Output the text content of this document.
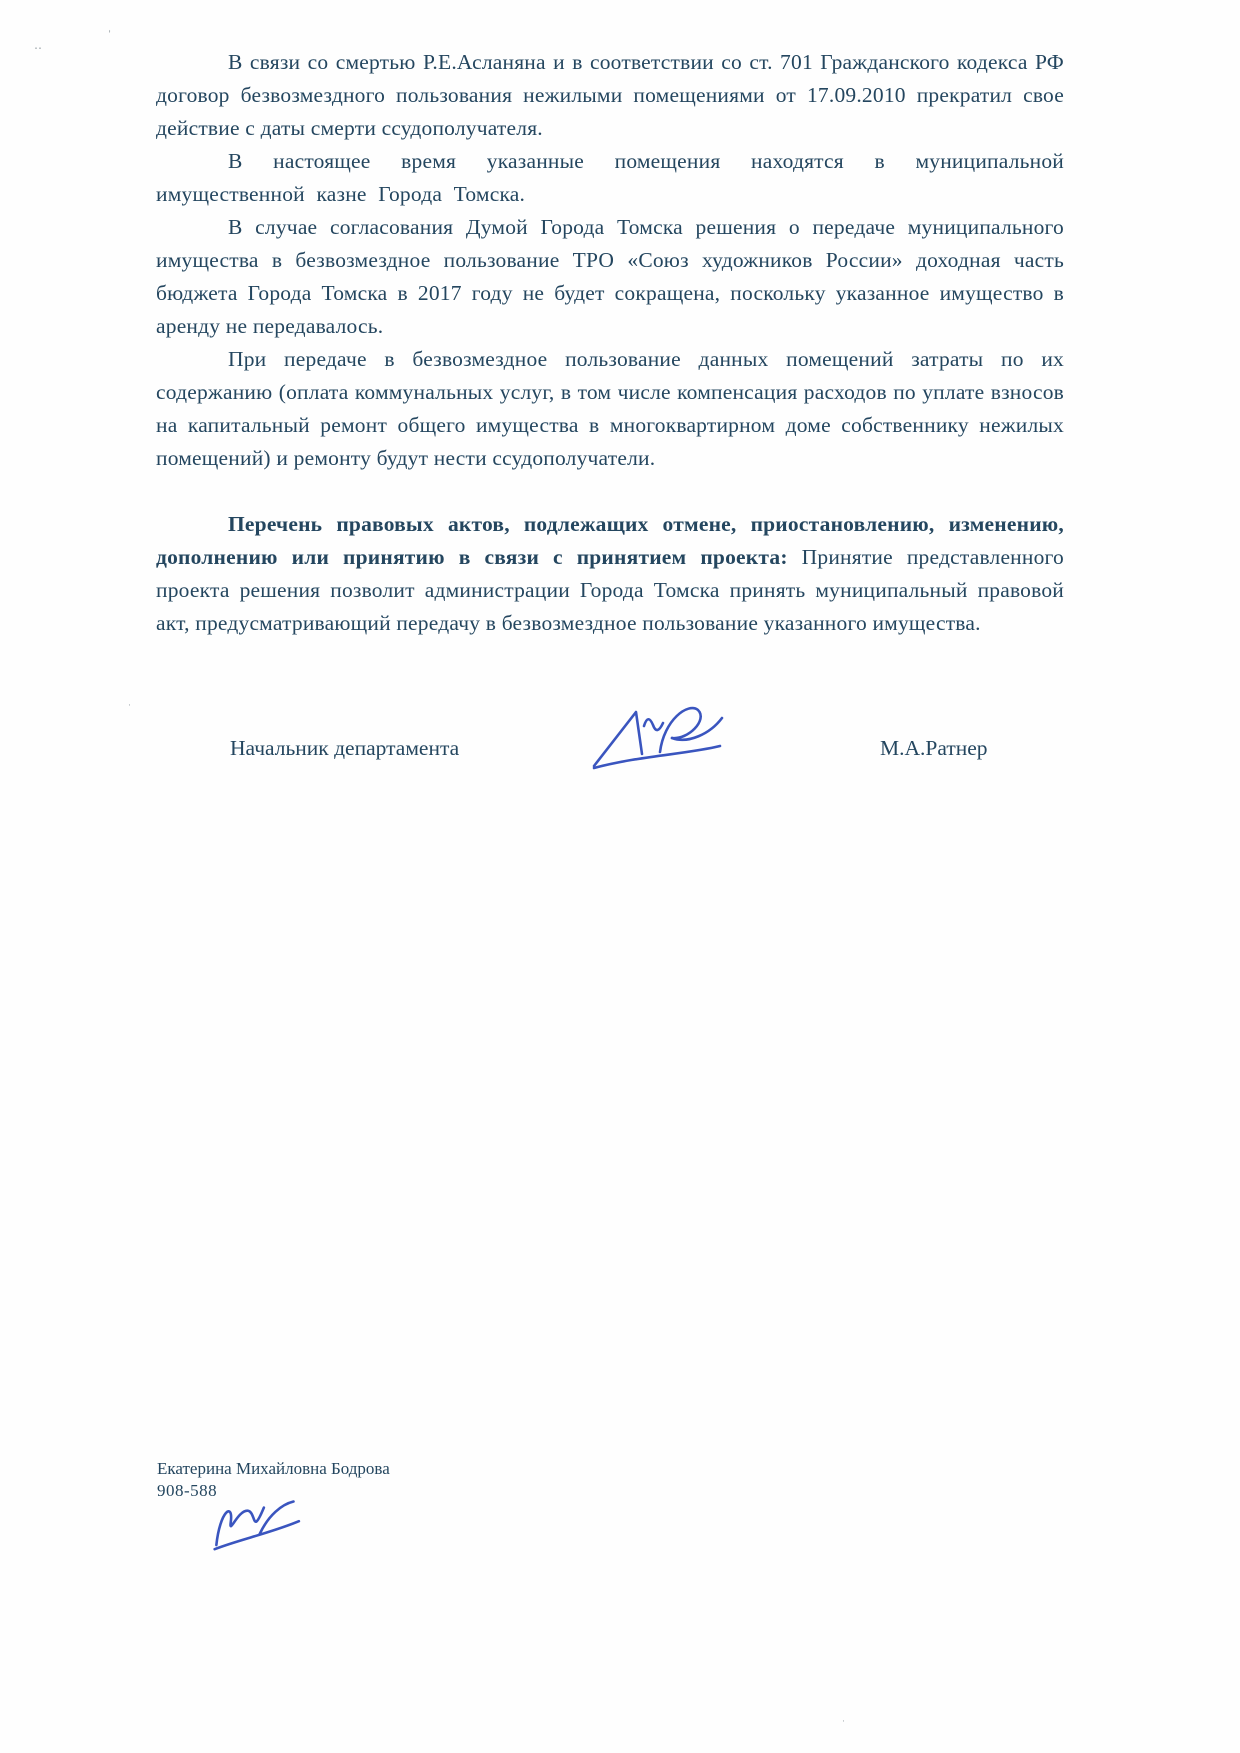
‥
`
·
·

В связи со смертью Р.Е.Асланяна и в соответствии со ст. 701 Гражданского кодекса РФ договор безвозмездного пользования нежилыми помещениями от 17.09.2010 прекратил свое действие с даты смерти ссудополучателя.

В настоящее время указанные помещения находятся в муниципальной имущественной казне Города Томска.

В случае согласования Думой Города Томска решения о передаче муниципального имущества в безвозмездное пользование ТРО «Союз художников России» доходная часть бюджета Города Томска в 2017 году не будет сокращена, поскольку указанное имущество в аренду не передавалось.

При передаче в безвозмездное пользование данных помещений затраты по их содержанию (оплата коммунальных услуг, в том числе компенсация расходов по уплате взносов на капитальный ремонт общего имущества в многоквартирном доме собственнику нежилых помещений) и ремонту будут нести ссудополучатели.

Перечень правовых актов, подлежащих отмене, приостановлению, изменению, дополнению или принятию в связи с принятием проекта: Принятие представленного проекта решения позволит администрации Города Томска принять муниципальный правовой акт, предусматривающий передачу в безвозмездное пользование указанного имущества.

Начальник департамента	М.А.Ратнер
Екатерина Михайловна Бодрова
908-588
